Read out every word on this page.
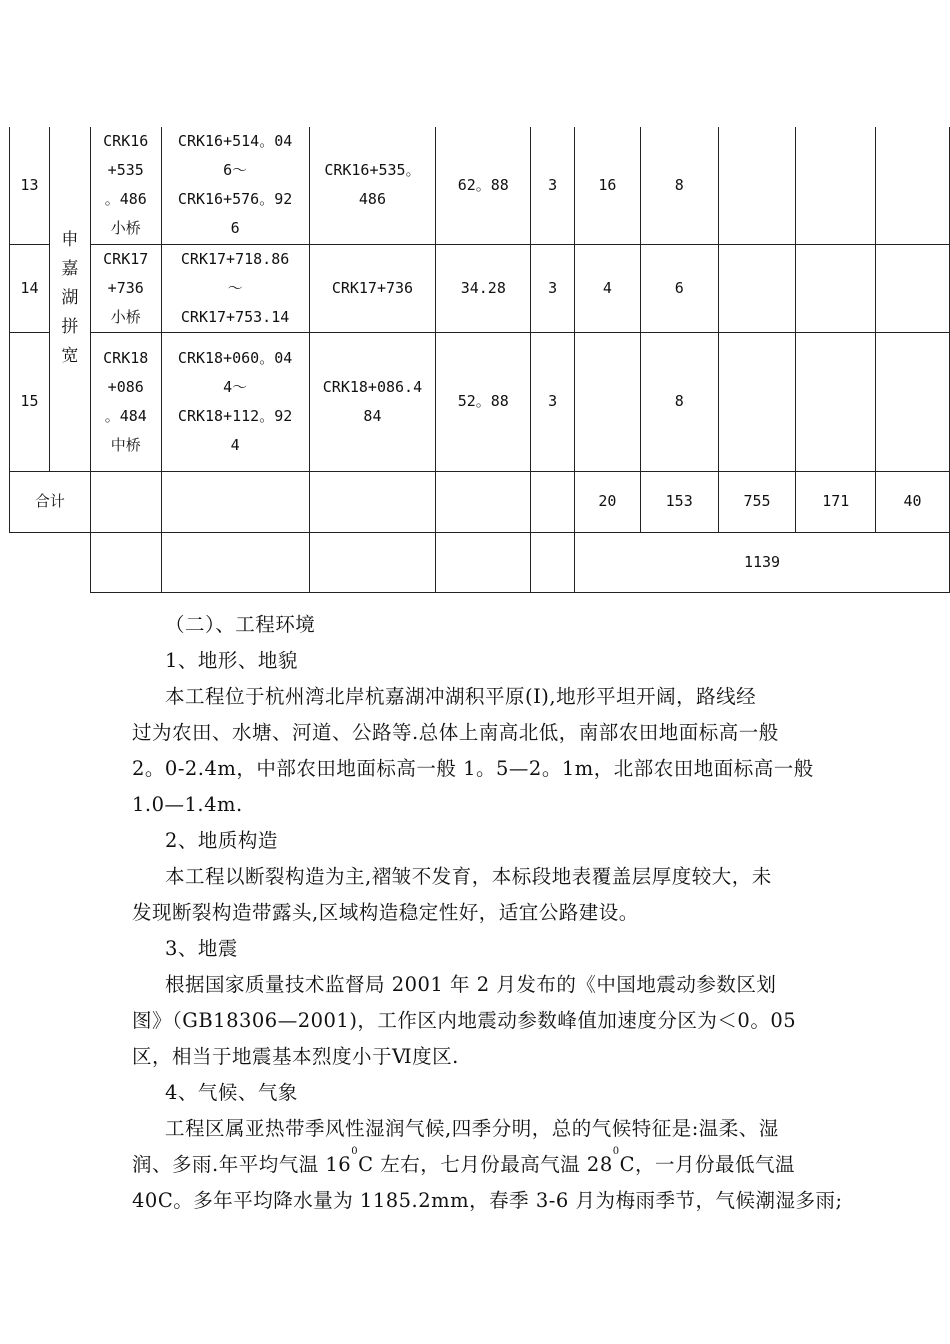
13	申
嘉
湖
拼
宽	CRK16
+535
。486
小桥	CRK16+514。04
6～
CRK16+576。92
6	CRK16+535。
486	62。88	3	16	8			
14		CRK17
+736
小桥	CRK17+718.86
～
CRK17+753.14	CRK17+736	34.28	3	4	6			
15		CRK18
+086
。484
中桥	CRK18+060。04
4～
CRK18+112。92
4	CRK18+086.4
84	52。88	3		8			
合计							20	153	755	171	40
							1139				
（二）、工程环境
1、地形、地貌
本工程位于杭州湾北岸杭嘉湖冲湖积平原(I),地形平坦开阔，路线经
过为农田、水塘、河道、公路等.总体上南高北低，南部农田地面标高一般
2。0-2.4m，中部农田地面标高一般 1。5—2。1m，北部农田地面标高一般
1.0—1.4m.
2、地质构造
本工程以断裂构造为主,褶皱不发育，本标段地表覆盖层厚度较大，未
发现断裂构造带露头,区域构造稳定性好，适宜公路建设。
3、地震
根据国家质量技术监督局 2001 年 2 月发布的《中国地震动参数区划
图》（GB18306—2001)，工作区内地震动参数峰值加速度分区为＜0。05
区，相当于地震基本烈度小于Ⅵ度区.
4、气候、气象
工程区属亚热带季风性湿润气候,四季分明，总的气候特征是:温柔、湿
润、多雨.年平均气温 $16^0C$ 左右，七月份最高气温 $28^0C$，一月份最低气温
40C。多年平均降水量为 1185.2mm，春季 3-6 月为梅雨季节，气候潮湿多雨;
